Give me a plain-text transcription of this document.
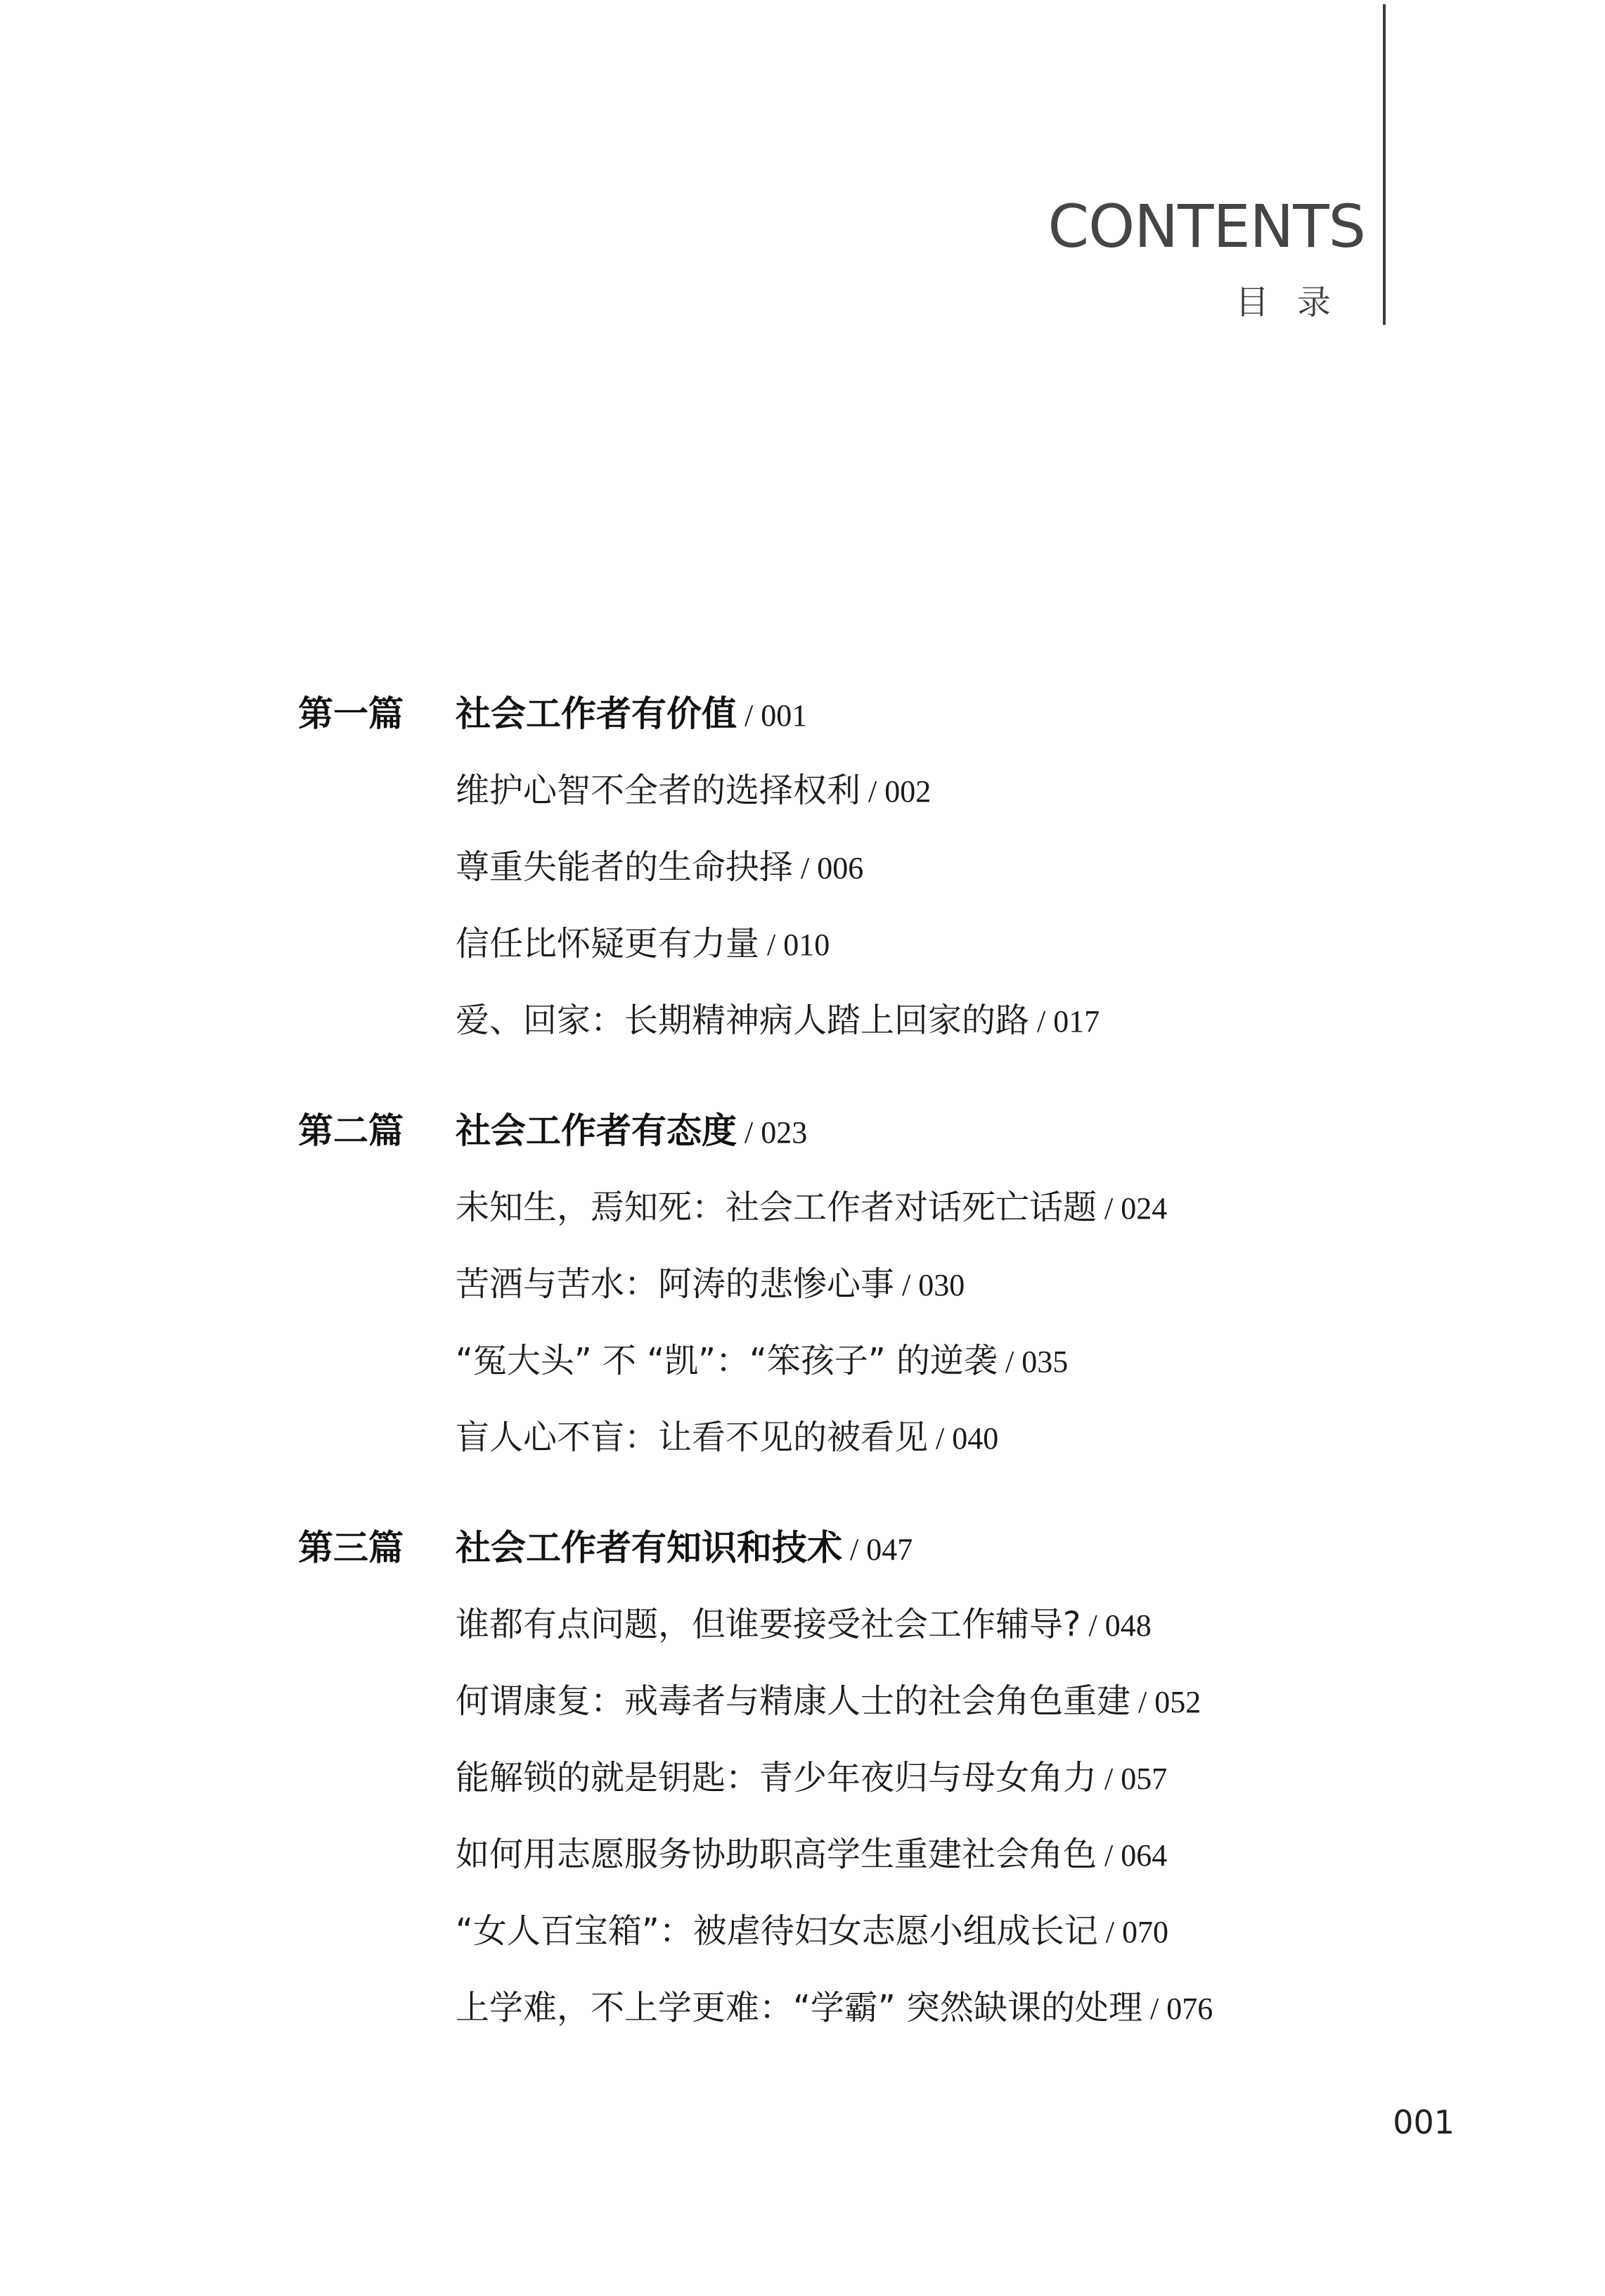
CONTENTS
目录
第一篇 社会工作者有价值 / 001
维护心智不全者的选择权利 / 002
尊重失能者的生命抉择 / 006
信任比怀疑更有力量 / 010
爱、回家：长期精神病人踏上回家的路 / 017
第二篇 社会工作者有态度 / 023
未知生，焉知死：社会工作者对话死亡话题 / 024
苦酒与苦水：阿涛的悲惨心事 / 030
“冤大头” 不 “凯”：“笨孩子” 的逆袭 / 035
盲人心不盲：让看不见的被看见 / 040
第三篇 社会工作者有知识和技术 / 047
谁都有点问题，但谁要接受社会工作辅导? / 048
何谓康复：戒毒者与精康人士的社会角色重建 / 052
能解锁的就是钥匙：青少年夜归与母女角力 / 057
如何用志愿服务协助职高学生重建社会角色 / 064
“女人百宝箱”：被虐待妇女志愿小组成长记 / 070
上学难，不上学更难：“学霸” 突然缺课的处理 / 076
001
